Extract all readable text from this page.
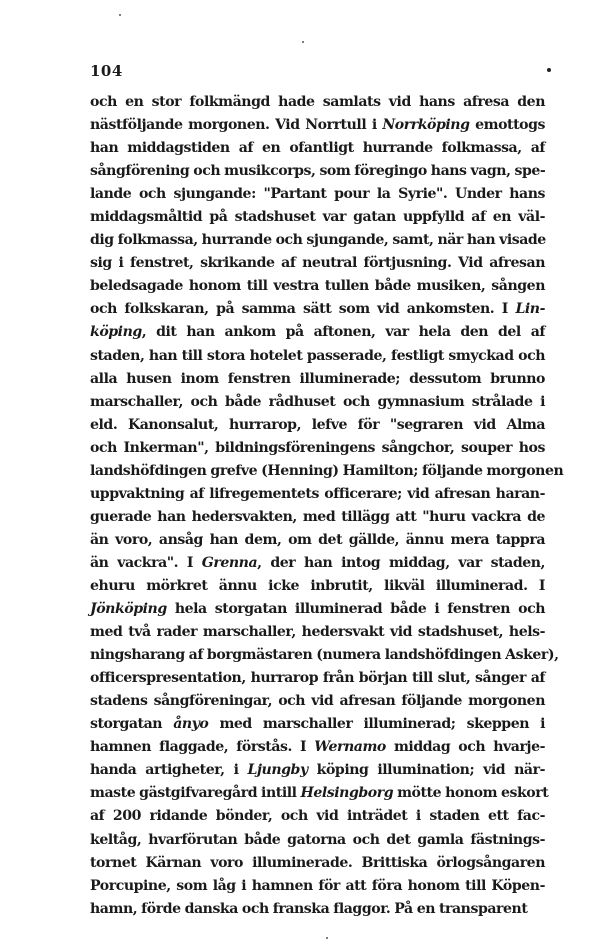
104
och en stor folkmängd hade samlats vid hans afresa den
nästföljande morgonen. Vid Norrtull i Norrköping emottogs
han middagstiden af en ofantligt hurrande folkmassa, af
sångförening och musikcorps, som föregingo hans vagn, spe-
lande och sjungande: "Partant pour la Syrie". Under hans
middagsmåltid på stadshuset var gatan uppfylld af en väl-
dig folkmassa, hurrande och sjungande, samt, när han visade
sig i fenstret, skrikande af neutral förtjusning. Vid afresan
beledsagade honom till vestra tullen både musiken, sången
och folkskaran, på samma sätt som vid ankomsten. I Lin-
köping, dit han ankom på aftonen, var hela den del af
staden, han till stora hotelet passerade, festligt smyckad och
alla husen inom fenstren illuminerade; dessutom brunno
marschaller, och både rådhuset och gymnasium strålade i
eld. Kanonsalut, hurrarop, lefve för "segraren vid Alma
och Inkerman", bildningsföreningens sångchor, souper hos
landshöfdingen grefve (Henning) Hamilton; följande morgonen
uppvaktning af lifregementets officerare; vid afresan haran-
guerade han hedersvakten, med tillägg att "huru vackra de
än voro, ansåg han dem, om det gällde, ännu mera tappra
än vackra". I Grenna, der han intog middag, var staden,
ehuru mörkret ännu icke inbrutit, likväl illuminerad. I
Jönköping hela storgatan illuminerad både i fenstren och
med två rader marschaller, hedersvakt vid stadshuset, hels-
ningsharang af borgmästaren (numera landshöfdingen Asker),
officerspresentation, hurrarop från början till slut, sånger af
stadens sångföreningar, och vid afresan följande morgonen
storgatan ånyo med marschaller illuminerad; skeppen i
hamnen flaggade, förstås. I Wernamo middag och hvarje-
handa artigheter, i Ljungby köping illumination; vid när-
maste gästgifvaregård intill Helsingborg mötte honom eskort
af 200 ridande bönder, och vid inträdet i staden ett fac-
keltåg, hvarförutan både gatorna och det gamla fästnings-
tornet Kärnan voro illuminerade. Brittiska örlogsångaren
Porcupine, som låg i hamnen för att föra honom till Köpen-
hamn, förde danska och franska flaggor. På en transparent
